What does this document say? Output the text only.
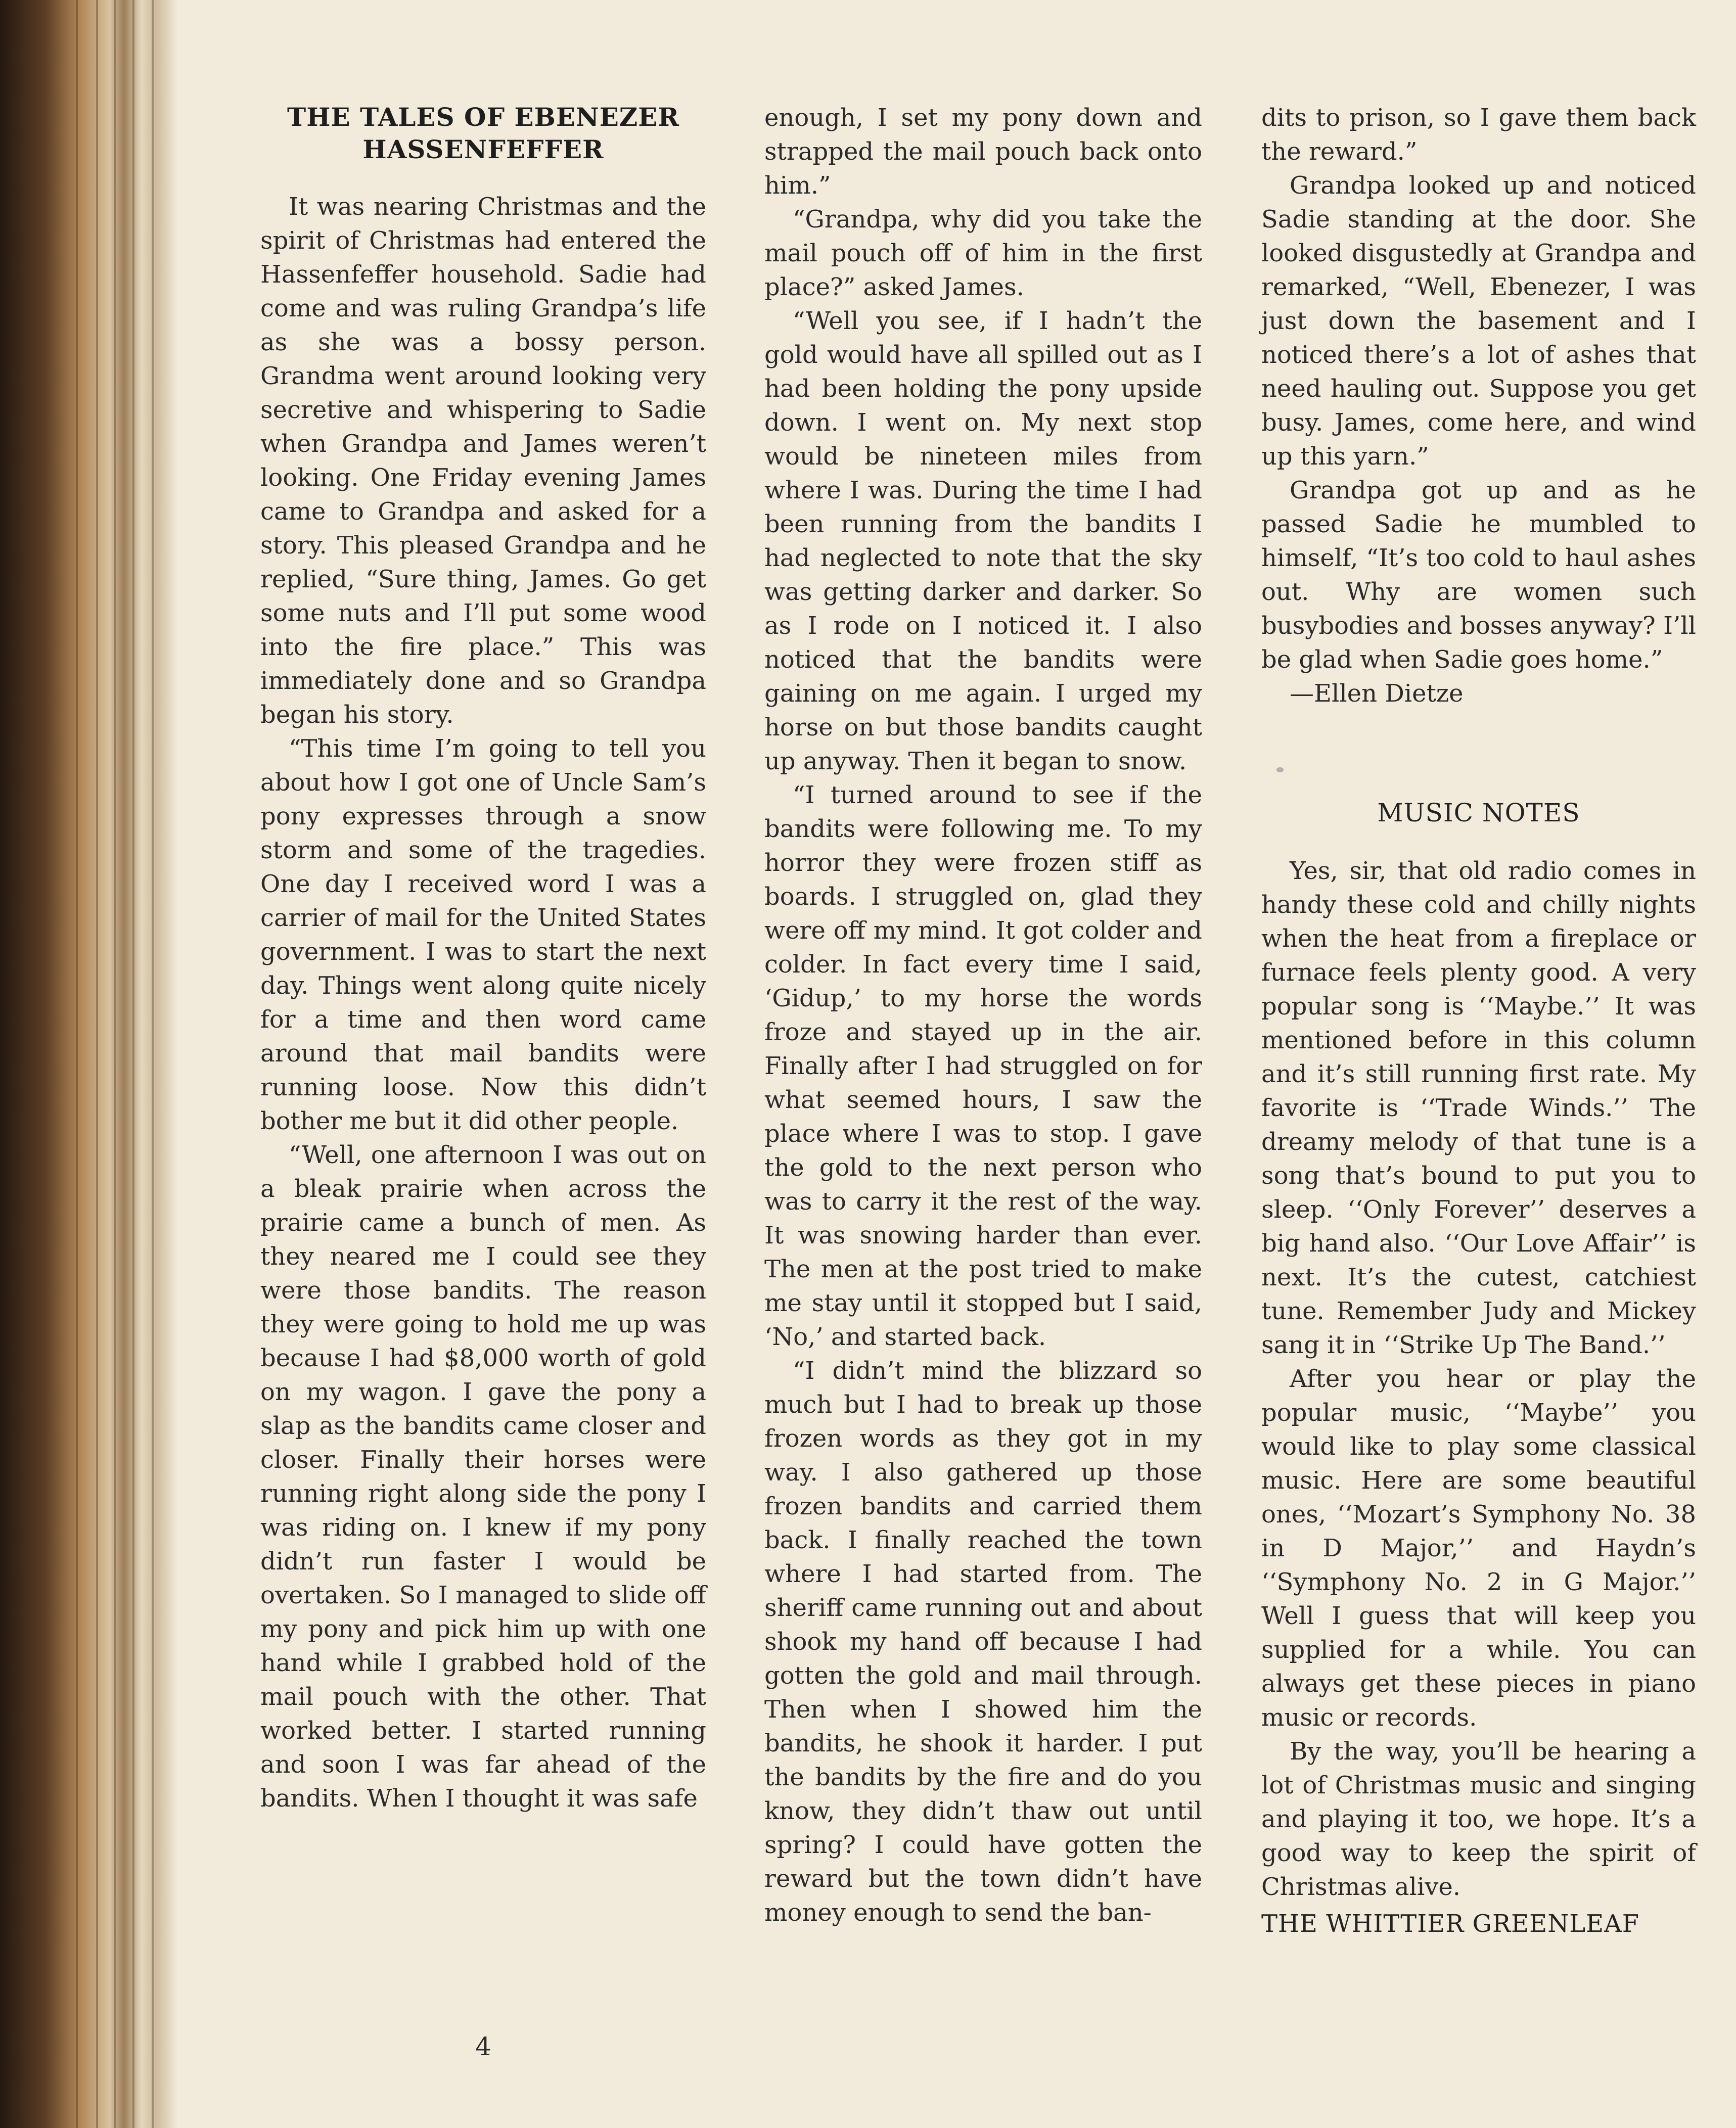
THE TALES OF EBENEZER
HASSENFEFFER

It was nearing Christmas and the spirit of Christmas had entered the Hassenfeffer household. Sadie had come and was ruling Grandpa’s life as she was a bossy person. Grandma went around looking very secretive and whispering to Sadie when Grandpa and James weren’t looking. One Friday evening James came to Grandpa and asked for a story. This pleased Grandpa and he replied, “Sure thing, James. Go get some nuts and I’ll put some wood into the fire place.” This was immediately done and so Grandpa began his story.

“This time I’m going to tell you about how I got one of Uncle Sam’s pony expresses through a snow storm and some of the tragedies. One day I received word I was a carrier of mail for the United States government. I was to start the next day. Things went along quite nicely for a time and then word came around that mail bandits were running loose. Now this didn’t bother me but it did other people.

“Well, one afternoon I was out on a bleak prairie when across the prairie came a bunch of men. As they neared me I could see they were those bandits. The reason they were going to hold me up was because I had $8,000 worth of gold on my wagon. I gave the pony a slap as the bandits came closer and closer. Finally their horses were running right along side the pony I was riding on. I knew if my pony didn’t run faster I would be overtaken. So I managed to slide off my pony and pick him up with one hand while I grabbed hold of the mail pouch with the other. That worked better. I started running and soon I was far ahead of the bandits. When I thought it was safe

enough, I set my pony down and strapped the mail pouch back onto him.”

“Grandpa, why did you take the mail pouch off of him in the first place?” asked James.

“Well you see, if I hadn’t the gold would have all spilled out as I had been holding the pony upside down. I went on. My next stop would be nineteen miles from where I was. During the time I had been running from the bandits I had neglected to note that the sky was getting darker and darker. So as I rode on I noticed it. I also noticed that the bandits were gaining on me again. I urged my horse on but those bandits caught up anyway. Then it began to snow.

“I turned around to see if the bandits were following me. To my horror they were frozen stiff as boards. I struggled on, glad they were off my mind. It got colder and colder. In fact every time I said, ‘Gidup,’ to my horse the words froze and stayed up in the air. Finally after I had struggled on for what seemed hours, I saw the place where I was to stop. I gave the gold to the next person who was to carry it the rest of the way. It was snowing harder than ever. The men at the post tried to make me stay until it stopped but I said, ‘No,’ and started back.

“I didn’t mind the blizzard so much but I had to break up those frozen words as they got in my way. I also gathered up those frozen bandits and carried them back. I finally reached the town where I had started from. The sheriff came running out and about shook my hand off because I had gotten the gold and mail through. Then when I showed him the bandits, he shook it harder. I put the bandits by the fire and do you know, they didn’t thaw out until spring? I could have gotten the reward but the town didn’t have money enough to send the ban-

dits to prison, so I gave them back the reward.”

Grandpa looked up and noticed Sadie standing at the door. She looked disgustedly at Grandpa and remarked, “Well, Ebenezer, I was just down the basement and I noticed there’s a lot of ashes that need hauling out. Suppose you get busy. James, come here, and wind up this yarn.”

Grandpa got up and as he passed Sadie he mumbled to himself, “It’s too cold to haul ashes out. Why are women such busybodies and bosses anyway? I’ll be glad when Sadie goes home.”

—Ellen Dietze

MUSIC NOTES

Yes, sir, that old radio comes in handy these cold and chilly nights when the heat from a fireplace or furnace feels plenty good. A very popular song is ‘‘Maybe.’’ It was mentioned before in this column and it’s still running first rate. My favorite is ‘‘Trade Winds.’’ The dreamy melody of that tune is a song that’s bound to put you to sleep. ‘‘Only Forever’’ deserves a big hand also. ‘‘Our Love Affair’’ is next. It’s the cutest, catchiest tune. Remember Judy and Mickey sang it in ‘‘Strike Up The Band.’’

After you hear or play the popular music, ‘‘Maybe’’ you would like to play some classical music. Here are some beautiful ones, ‘‘Mozart’s Symphony No. 38 in D Major,’’ and Haydn’s ‘‘Symphony No. 2 in G Major.’’ Well I guess that will keep you supplied for a while. You can always get these pieces in piano music or records.

By the way, you’ll be hearing a lot of Christmas music and singing and playing it too, we hope. It’s a good way to keep the spirit of Christmas alive.

THE WHITTIER GREENLEAF
4
